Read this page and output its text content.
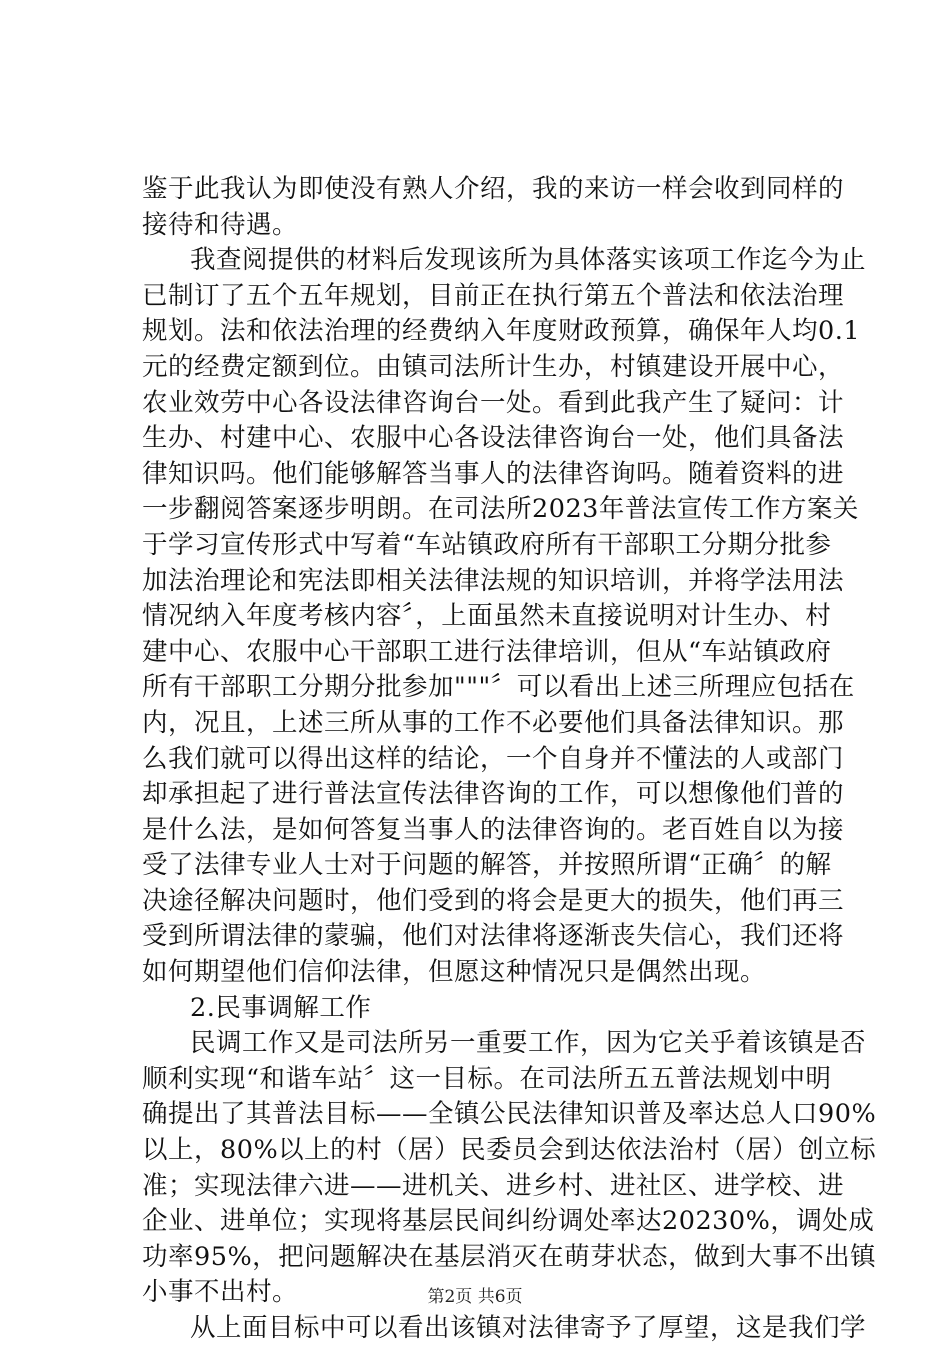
鉴于此我认为即使没有熟人介绍，我的来访一样会收到同样的
接待和待遇。
我查阅提供的材料后发现该所为具体落实该项工作迄今为止
已制订了五个五年规划，目前正在执行第五个普法和依法治理
规划。法和依法治理的经费纳入年度财政预算，确保年人均0.1
元的经费定额到位。由镇司法所计生办，村镇建设开展中心，
农业效劳中心各设法律咨询台一处。看到此我产生了疑问：计
生办、村建中心、农服中心各设法律咨询台一处，他们具备法
律知识吗。他们能够解答当事人的法律咨询吗。随着资料的进
一步翻阅答案逐步明朗。在司法所2023年普法宣传工作方案关
于学习宣传形式中写着“车站镇政府所有干部职工分期分批参
加法治理论和宪法即相关法律法规的知识培训，并将学法用法
情况纳入年度考核内容〞，上面虽然未直接说明对计生办、村
建中心、农服中心干部职工进行法律培训，但从“车站镇政府
所有干部职工分期分批参加"""〞可以看出上述三所理应包括在
内，况且，上述三所从事的工作不必要他们具备法律知识。那
么我们就可以得出这样的结论，一个自身并不懂法的人或部门
却承担起了进行普法宣传法律咨询的工作，可以想像他们普的
是什么法，是如何答复当事人的法律咨询的。老百姓自以为接
受了法律专业人士对于问题的解答，并按照所谓“正确〞的解
决途径解决问题时，他们受到的将会是更大的损失，他们再三
受到所谓法律的蒙骗，他们对法律将逐渐丧失信心，我们还将
如何期望他们信仰法律，但愿这种情况只是偶然出现。
2.民事调解工作
民调工作又是司法所另一重要工作，因为它关乎着该镇是否
顺利实现“和谐车站〞这一目标。在司法所五五普法规划中明
确提出了其普法目标——全镇公民法律知识普及率达总人口90%
以上，80%以上的村（居）民委员会到达依法治村（居）创立标
准；实现法律六进——进机关、进乡村、进社区、进学校、进
企业、进单位；实现将基层民间纠纷调处率达20230%，调处成
功率95%，把问题解决在基层消灭在萌芽状态，做到大事不出镇
小事不出村。
从上面目标中可以看出该镇对法律寄予了厚望，这是我们学
第2页 共6页
